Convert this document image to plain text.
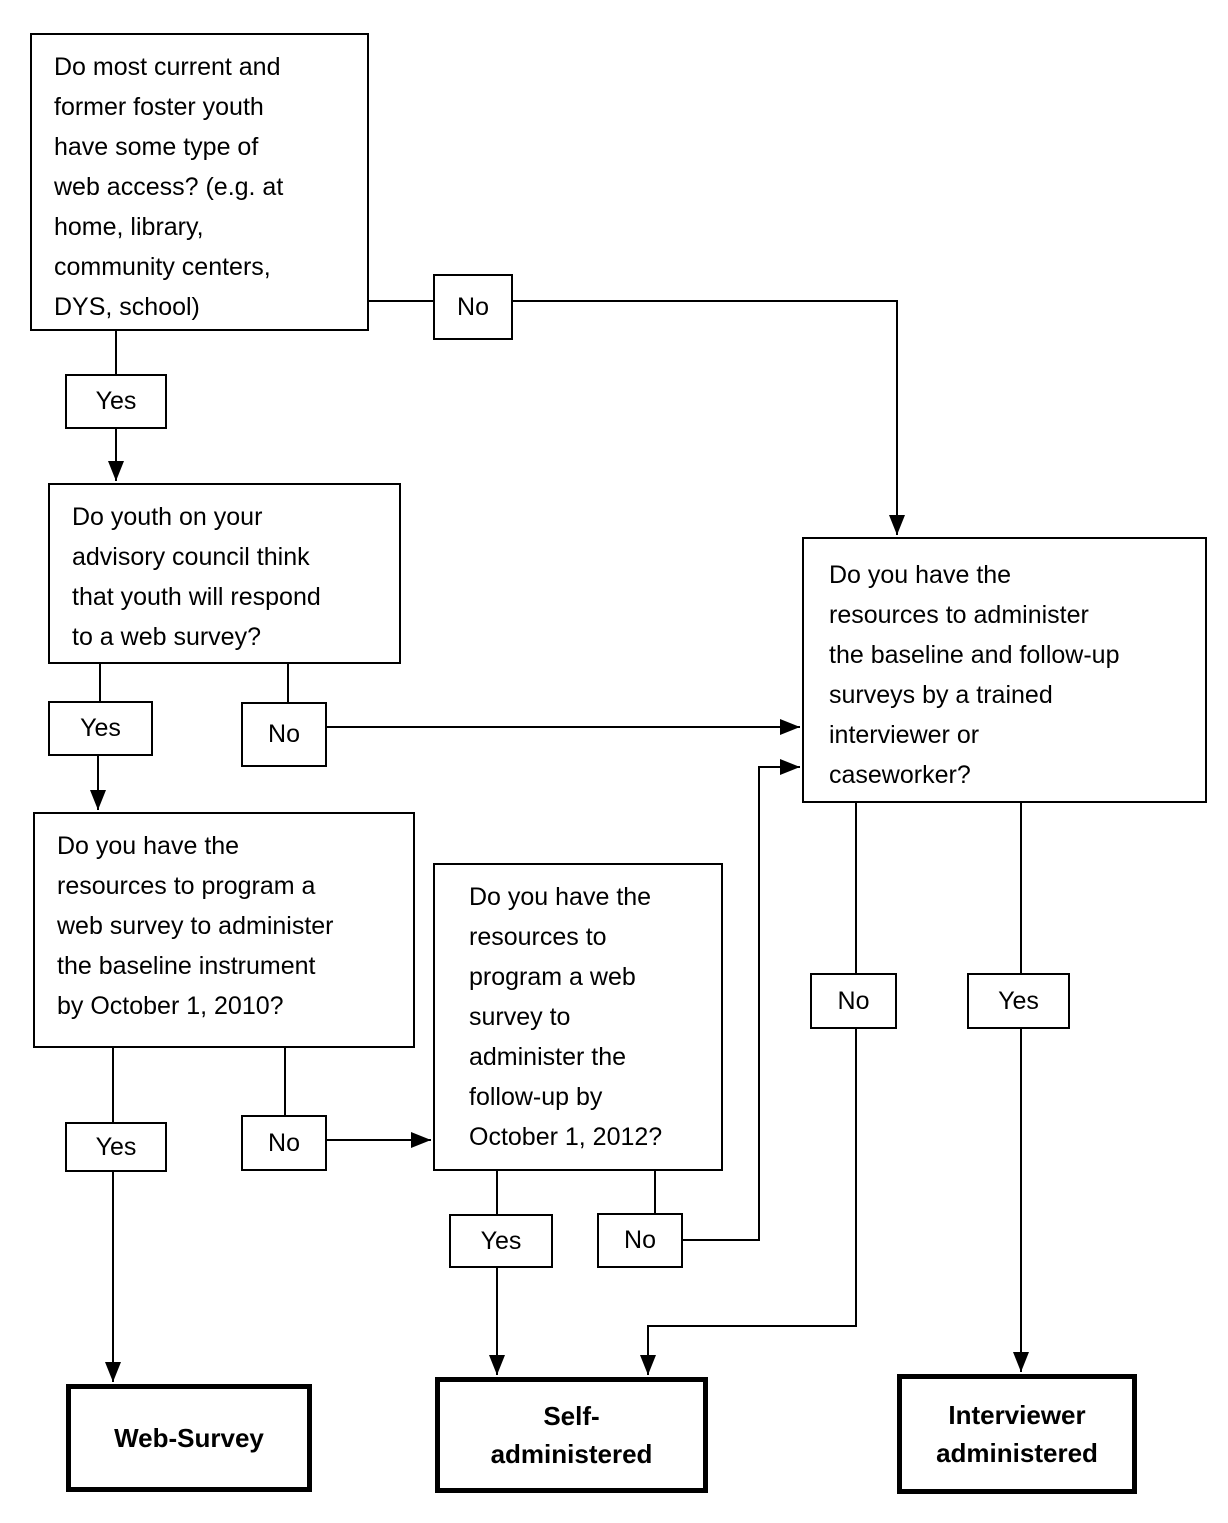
Do most current and
former foster youth
have some type of
web access? (e.g. at
home, library,
community centers,
DYS, school)	No
Yes
Do youth on your
advisory council think
that youth will respond
to a web survey?
Yes	No
Do you have the
resources to program a
web survey to administer
the baseline instrument
by October 1, 2010?
Yes	No
Do you have the
resources to
program a web
survey to
administer the
follow-up by
October 1, 2012?
Yes	No
Do you have the
resources to administer
the baseline and follow-up
surveys by a trained
interviewer or
caseworker?
No	Yes
Web-Survey
Self-
administered
Interviewer
administered
